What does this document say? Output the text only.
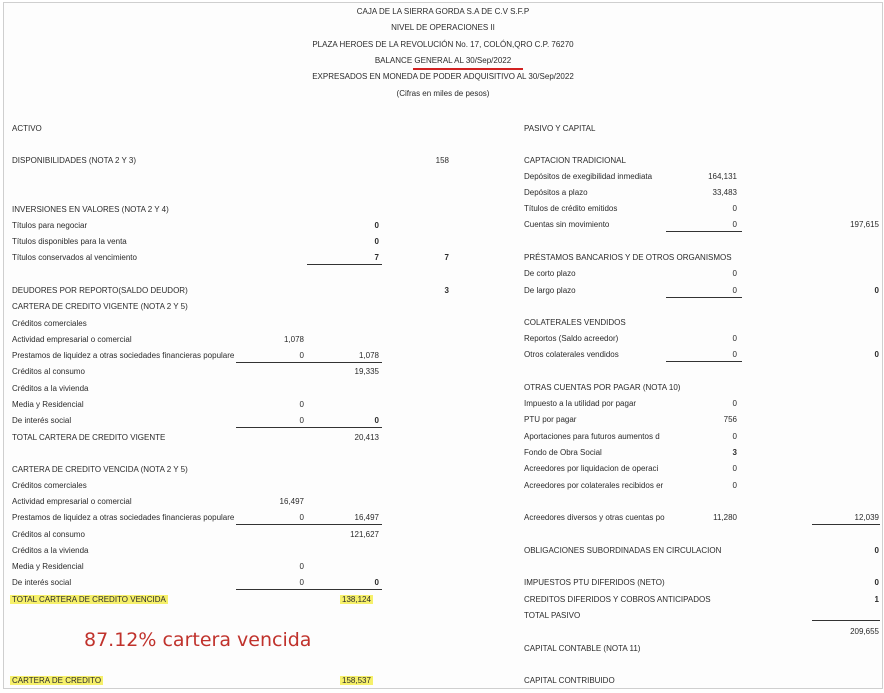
CAJA DE LA SIERRA GORDA S.A DE C.V S.F.P
NIVEL DE OPERACIONES II
PLAZA HEROES DE LA REVOLUCIÓN No. 17, COLÓN,QRO C.P. 76270
BALANCE GENERAL AL 30/Sep/2022
EXPRESADOS EN MONEDA DE PODER ADQUISITIVO AL 30/Sep/2022
(Cifras en miles de pesos)
ACTIVO
DISPONIBILIDADES (NOTA 2 Y 3)	158
INVERSIONES EN VALORES (NOTA 2 Y 4)
Títulos para negociar	0
Títulos disponibles para la venta	0
Títulos conservados al vencimiento	7	7
DEUDORES POR REPORTO(SALDO DEUDOR)	3
CARTERA DE CREDITO VIGENTE (NOTA 2 Y 5)
Créditos comerciales
Actividad empresarial o comercial	1,078
Prestamos de liquidez a otras sociedades financieras populare	0	1,078
Créditos al consumo	19,335
Créditos a la vivienda
Media y Residencial	0
De interés social	0	0
TOTAL CARTERA DE CREDITO VIGENTE	20,413
CARTERA DE CREDITO VENCIDA (NOTA 2 Y 5)
Créditos comerciales
Actividad empresarial o comercial	16,497
Prestamos de liquidez a otras sociedades financieras populare	0	16,497
Créditos al consumo	121,627
Créditos a la vivienda
Media y Residencial	0
De interés social	0	0
TOTAL CARTERA DE CREDITO VENCIDA	138,124
87.12% cartera vencida
CARTERA DE CREDITO	158,537
PASIVO Y CAPITAL
CAPTACION TRADICIONAL
Depósitos de exegibilidad inmediata	164,131
Depósitos a plazo	33,483
Títulos de crédito emitidos	0
Cuentas sin movimiento	0	197,615
PRÉSTAMOS BANCARIOS Y DE OTROS ORGANISMOS
De corto plazo	0
De largo plazo	0	0
COLATERALES VENDIDOS
Reportos (Saldo acreedor)	0
Otros colaterales vendidos	0	0
OTRAS CUENTAS POR PAGAR (NOTA 10)
Impuesto a la utilidad por pagar	0
PTU por pagar	756
Aportaciones para futuros aumentos d	0
Fondo de Obra Social	3
Acreedores por liquidacion de operaci	0
Acreedores por colaterales recibidos er	0
Acreedores diversos y otras cuentas po	11,280	12,039
OBLIGACIONES SUBORDINADAS EN CIRCULACION	0
IMPUESTOS PTU DIFERIDOS (NETO)	0
CREDITOS DIFERIDOS Y COBROS ANTICIPADOS	1
TOTAL PASIVO
209,655
CAPITAL CONTABLE (NOTA 11)
CAPITAL CONTRIBUIDO
